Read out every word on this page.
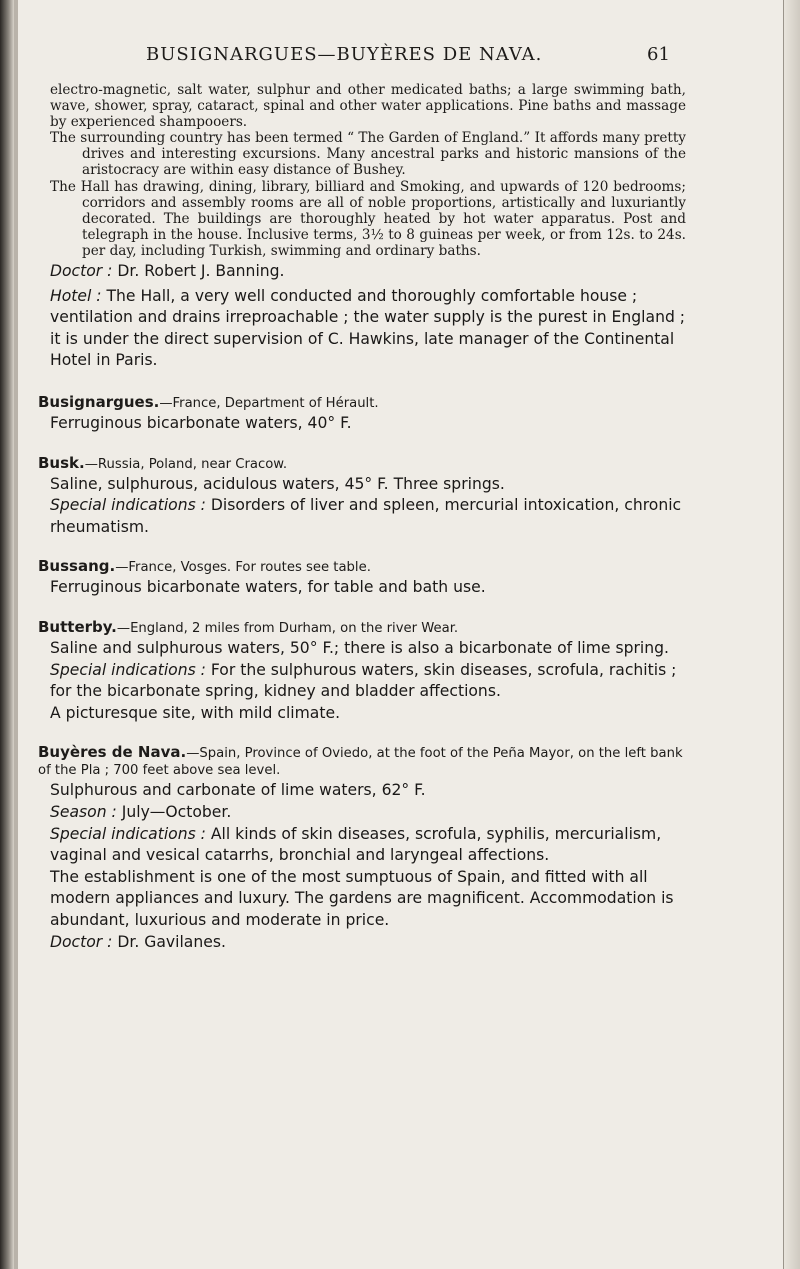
BUSIGNARGUES—BUYÈRES DE NAVA.	61

electro-magnetic, salt water, sulphur and other medicated baths; a large swimming bath, wave, shower, spray, cataract, spinal and other water applications. Pine baths and massage by experienced shampooers.

The surrounding country has been termed “ The Garden of England.” It affords many pretty drives and interesting excursions. Many ancestral parks and historic mansions of the aristocracy are within easy distance of Bushey.

The Hall has drawing, dining, library, billiard and Smoking, and upwards of 120 bedrooms; corridors and assembly rooms are all of noble proportions, artistically and luxuriantly decorated. The buildings are thoroughly heated by hot water apparatus. Post and telegraph in the house. Inclusive terms, 3½ to 8 guineas per week, or from 12s. to 24s. per day, including Turkish, swimming and ordinary baths.

Doctor : Dr. Robert J. Banning.

Hotel : The Hall, a very well conducted and thoroughly comfortable house ; ventilation and drains irreproachable ; the water supply is the purest in England ; it is under the direct supervision of C. Hawkins, late manager of the Continental Hotel in Paris.

Busignargues.—France, Department of Hérault.

Ferruginous bicarbonate waters, 40° F.

Busk.—Russia, Poland, near Cracow.

Saline, sulphurous, acidulous waters, 45° F. Three springs.

Special indications : Disorders of liver and spleen, mercurial intoxication, chronic rheumatism.

Bussang.—France, Vosges. For routes see table.

Ferruginous bicarbonate waters, for table and bath use.

Butterby.—England, 2 miles from Durham, on the river Wear.

Saline and sulphurous waters, 50° F.; there is also a bicarbonate of lime spring.

Special indications : For the sulphurous waters, skin diseases, scrofula, rachitis ; for the bicarbonate spring, kidney and bladder affections.

A picturesque site, with mild climate.

Buyères de Nava.—Spain, Province of Oviedo, at the foot of the Peña Mayor, on the left bank of the Pla ; 700 feet above sea level.

Sulphurous and carbonate of lime waters, 62° F.

Season : July—October.

Special indications : All kinds of skin diseases, scrofula, syphilis, mercurialism, vaginal and vesical catarrhs, bronchial and laryngeal affections.

The establishment is one of the most sumptuous of Spain, and fitted with all modern appliances and luxury. The gardens are magnificent. Accommodation is abundant, luxurious and moderate in price.

Doctor : Dr. Gavilanes.
